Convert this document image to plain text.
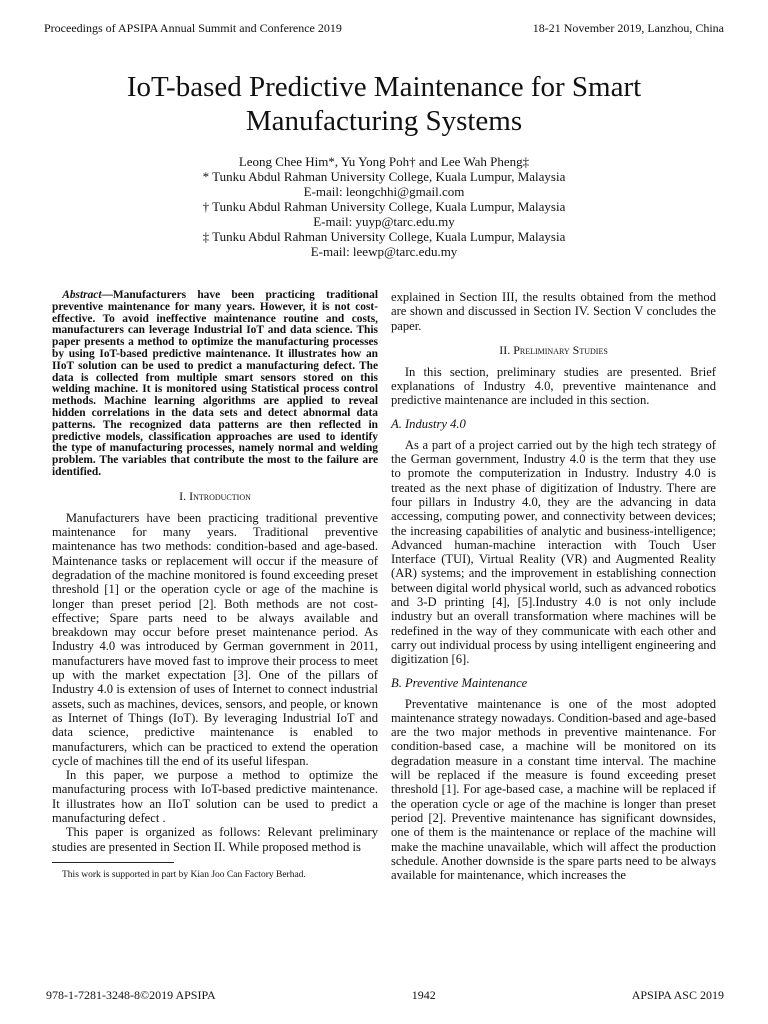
Proceedings of APSIPA Annual Summit and Conference 2019	18-21 November 2019, Lanzhou, China
IoT-based Predictive Maintenance for Smart
Manufacturing Systems
Leong Chee Him*, Yu Yong Poh† and Lee Wah Pheng‡
* Tunku Abdul Rahman University College, Kuala Lumpur, Malaysia
E-mail: leongchhi@gmail.com
† Tunku Abdul Rahman University College, Kuala Lumpur, Malaysia
E-mail: yuyp@tarc.edu.my
‡ Tunku Abdul Rahman University College, Kuala Lumpur, Malaysia
E-mail: leewp@tarc.edu.my

Abstract—Manufacturers have been practicing traditional preventive maintenance for many years. However, it is not cost-effective. To avoid ineffective maintenance routine and costs, manufacturers can leverage Industrial IoT and data science. This paper presents a method to optimize the manufacturing processes by using IoT-based predictive maintenance. It illustrates how an IIoT solution can be used to predict a manufacturing defect. The data is collected from multiple smart sensors stored on this welding machine. It is monitored using Statistical process control methods. Machine learning algorithms are applied to reveal hidden correlations in the data sets and detect abnormal data patterns. The recognized data patterns are then reflected in predictive models, classification approaches are used to identify the type of manufacturing processes, namely normal and welding problem. The variables that contribute the most to the failure are identified.

I. Introduction

Manufacturers have been practicing traditional preventive maintenance for many years. Traditional preventive maintenance has two methods: condition-based and age-based. Maintenance tasks or replacement will occur if the measure of degradation of the machine monitored is found exceeding preset threshold [1] or the operation cycle or age of the machine is longer than preset period [2]. Both methods are not cost-effective; Spare parts need to be always available and breakdown may occur before preset maintenance period. As Industry 4.0 was introduced by German government in 2011, manufacturers have moved fast to improve their process to meet up with the market expectation [3]. One of the pillars of Industry 4.0 is extension of uses of Internet to connect industrial assets, such as machines, devices, sensors, and people, or known as Internet of Things (IoT). By leveraging Industrial IoT and data science, predictive maintenance is enabled to manufacturers, which can be practiced to extend the operation cycle of machines till the end of its useful lifespan.

In this paper, we purpose a method to optimize the manufacturing process with IoT-based predictive maintenance. It illustrates how an IIoT solution can be used to predict a manufacturing defect .

This paper is organized as follows: Relevant preliminary studies are presented in Section II. While proposed method is

explained in Section III, the results obtained from the method are shown and discussed in Section IV. Section V concludes the paper.

II. Preliminary Studies

In this section, preliminary studies are presented. Brief explanations of Industry 4.0, preventive maintenance and predictive maintenance are included in this section.

A. Industry 4.0

As a part of a project carried out by the high tech strategy of the German government, Industry 4.0 is the term that they use to promote the computerization in Industry. Industry 4.0 is treated as the next phase of digitization of Industry. There are four pillars in Industry 4.0, they are the advancing in data accessing, computing power, and connectivity between devices; the increasing capabilities of analytic and business-intelligence; Advanced human-machine interaction with Touch User Interface (TUI), Virtual Reality (VR) and Augmented Reality (AR) systems; and the improvement in establishing connection between digital world physical world, such as advanced robotics and 3-D printing [4], [5].Industry 4.0 is not only include industry but an overall transformation where machines will be redefined in the way of they communicate with each other and carry out individual process by using intelligent engineering and digitization [6].

B. Preventive Maintenance

Preventative maintenance is one of the most adopted maintenance strategy nowadays. Condition-based and age-based are the two major methods in preventive maintenance. For condition-based case, a machine will be monitored on its degradation measure in a constant time interval. The machine will be replaced if the measure is found exceeding preset threshold [1]. For age-based case, a machine will be replaced if the operation cycle or age of the machine is longer than preset period [2]. Preventive maintenance has significant downsides, one of them is the maintenance or replace of the machine will make the machine unavailable, which will affect the production schedule. Another downside is the spare parts need to be always available for maintenance, which increases the

This work is supported in part by Kian Joo Can Factory Berhad.
978-1-7281-3248-8©2019 APSIPA	1942	APSIPA ASC 2019
